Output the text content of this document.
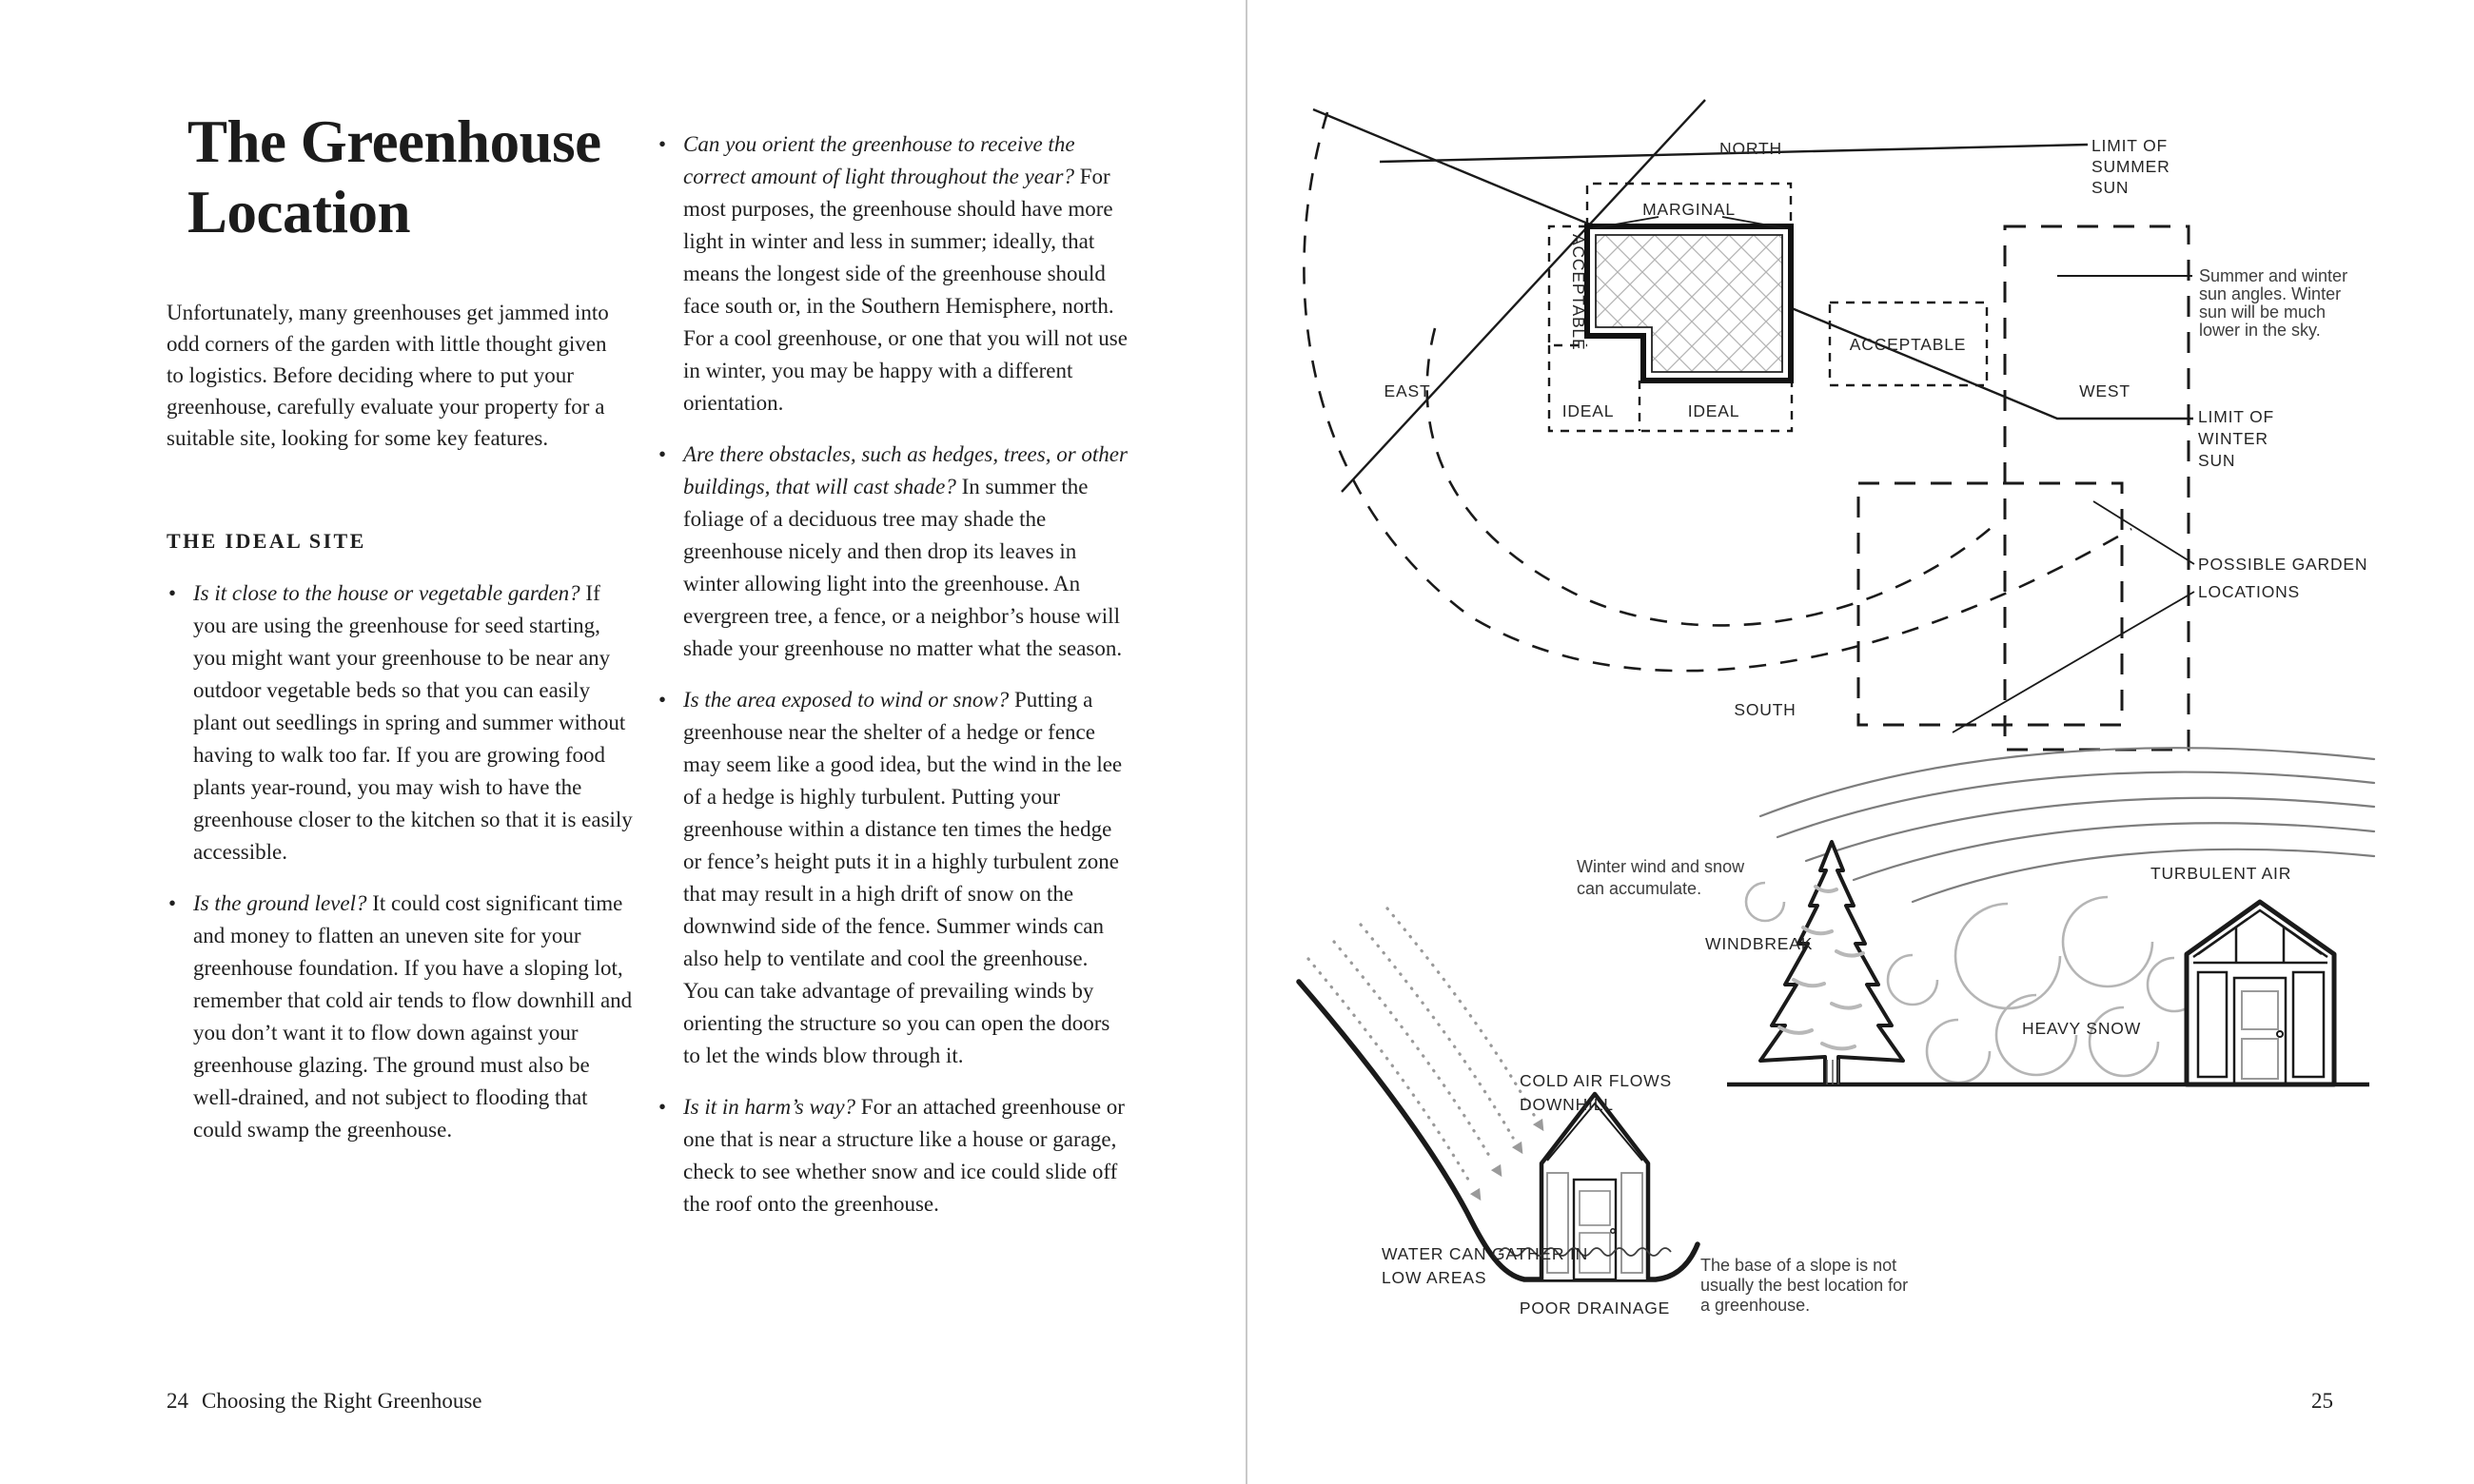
The Greenhouse Location
Unfortunately, many greenhouses get jammed into odd corners of the garden with little thought given to logistics. Before deciding where to put your greenhouse, carefully evaluate your property for a suitable site, looking for some key features.
THE IDEAL SITE
• Is it close to the house or vegetable garden? If you are using the greenhouse for seed starting, you might want your greenhouse to be near any outdoor vegetable beds so that you can easily plant out seedlings in spring and summer without having to walk too far. If you are growing food plants year-round, you may wish to have the greenhouse closer to the kitchen so that it is easily accessible.
• Is the ground level? It could cost significant time and money to flatten an uneven site for your greenhouse foundation. If you have a sloping lot, remember that cold air tends to flow downhill and you don’t want it to flow down against your greenhouse glazing. The ground must also be well-drained, and not subject to flooding that could swamp the greenhouse.
• Can you orient the greenhouse to receive the correct amount of light throughout the year? For most purposes, the greenhouse should have more light in winter and less in summer; ideally, that means the longest side of the greenhouse should face south or, in the Southern Hemisphere, north. For a cool greenhouse, or one that you will not use in winter, you may be happy with a different orientation.
• Are there obstacles, such as hedges, trees, or other buildings, that will cast shade? In summer the foliage of a deciduous tree may shade the greenhouse nicely and then drop its leaves in winter allowing light into the greenhouse. An evergreen tree, a fence, or a neighbor’s house will shade your greenhouse no matter what the season.
• Is the area exposed to wind or snow? Putting a greenhouse near the shelter of a hedge or fence may seem like a good idea, but the wind in the lee of a hedge is highly turbulent. Putting your greenhouse within a distance ten times the hedge or fence’s height puts it in a highly turbulent zone that may result in a high drift of snow on the downwind side of the fence. Summer winds can also help to ventilate and cool the greenhouse. You can take advantage of prevailing winds by orienting the structure so you can open the doors to let the winds blow through it.
• Is it in harm’s way? For an attached greenhouse or one that is near a structure like a house or garage, check to see whether snow and ice could slide off the roof onto the greenhouse.
24 Choosing the Right Greenhouse
NORTH
EAST	WEST
SOUTH
MARGINAL
ACCEPTABLE	ACCEPTABLE
IDEAL	IDEAL
LIMIT OF
SUMMER
SUN
Summer and winter
sun angles. Winter
sun will be much
lower in the sky.
LIMIT OF
WINTER
SUN
POSSIBLE GARDEN
LOCATIONS
Winter wind and snow
can accumulate.
WINDBREAK
TURBULENT AIR
HEAVY SNOW
COLD AIR FLOWS
DOWNHILL
WATER CAN GATHER IN
LOW AREAS
POOR DRAINAGE
The base of a slope is not
usually the best location for
a greenhouse.
25
